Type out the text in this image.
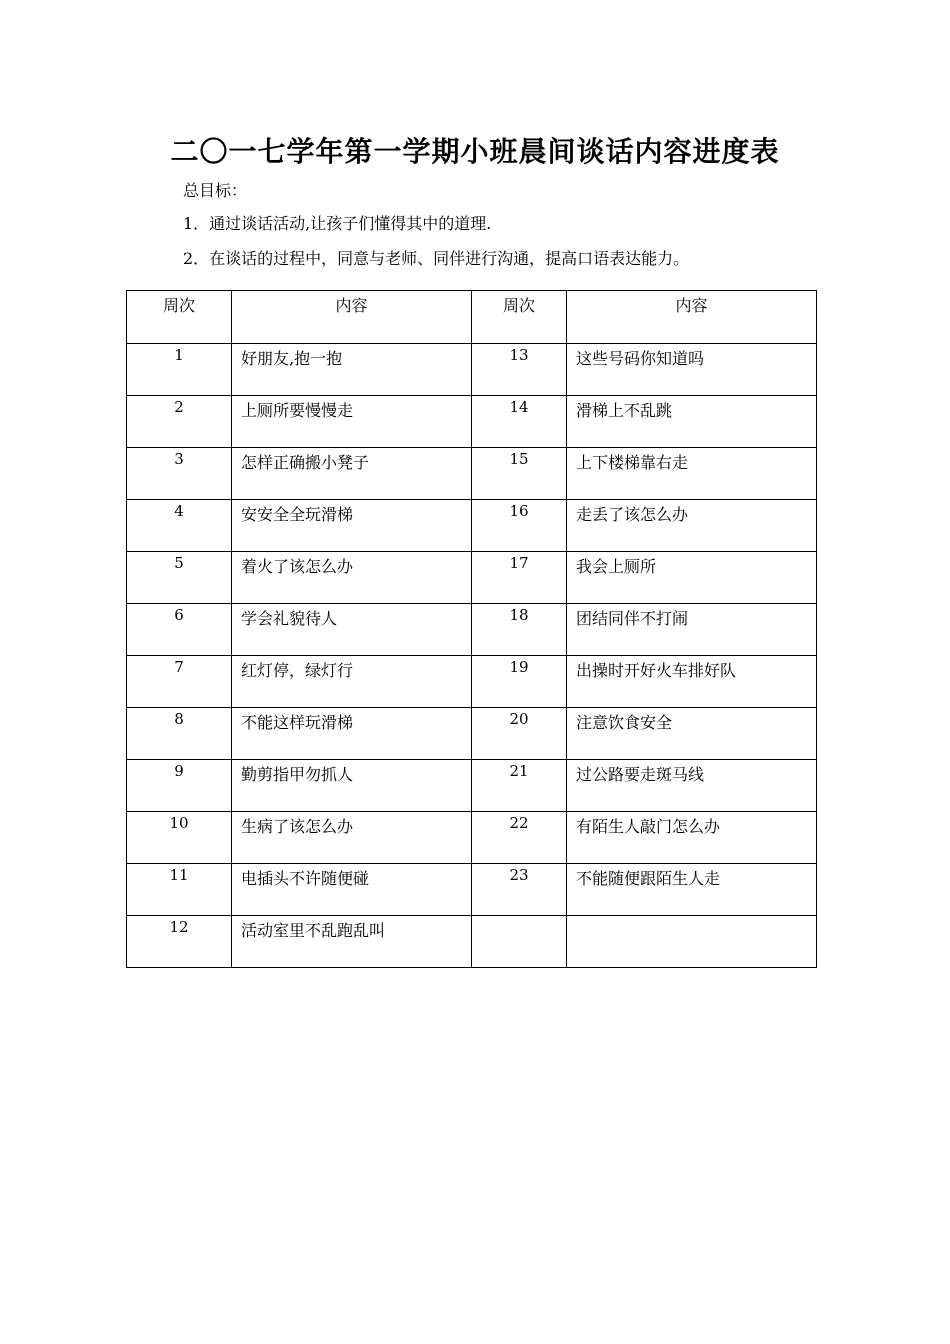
二〇一七学年第一学期小班晨间谈话内容进度表
总目标：
1．通过谈话活动,让孩子们懂得其中的道理.
2．在谈话的过程中，同意与老师、同伴进行沟通，提高口语表达能力。
周次	内容	周次	内容

1	好朋友,抱一抱	13	这些号码你知道吗

2	上厕所要慢慢走	14	滑梯上不乱跳

3	怎样正确搬小凳子	15	上下楼梯靠右走

4	安安全全玩滑梯	16	走丢了该怎么办

5	着火了该怎么办	17	我会上厕所

6	学会礼貌待人	18	团结同伴不打闹

7	红灯停，绿灯行	19	出操时开好火车排好队

8	不能这样玩滑梯	20	注意饮食安全

9	勤剪指甲勿抓人	21	过公路要走斑马线

10	生病了该怎么办	22	有陌生人敲门怎么办

11	电插头不许随便碰	23	不能随便跟陌生人走

12	活动室里不乱跑乱叫		
